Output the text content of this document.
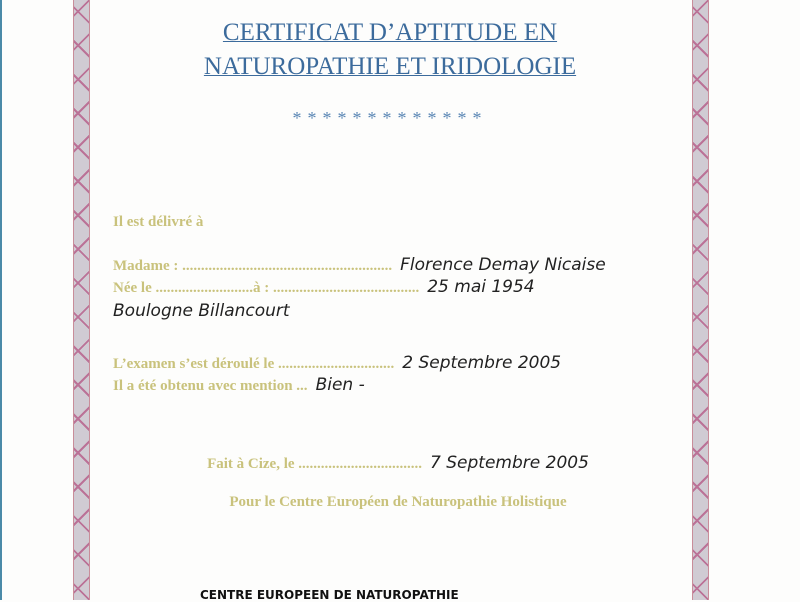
CERTIFICAT D’APTITUDE EN
NATUROPATHIE ET IRIDOLOGIE
*************
Il est délivré à
Madame : ........................................................ Florence Demay Nicaise
Née le ..........................à : ....................................... 25 mai 1954
Boulogne Billancourt
L’examen s’est déroulé le ............................... 2 Septembre 2005
Il a été obtenu avec mention ... Bien -
Fait à Cize, le ................................. 7 Septembre 2005
Pour le Centre Européen de Naturopathie Holistique
CENTRE EUROPEEN DE NATUROPATHIE
